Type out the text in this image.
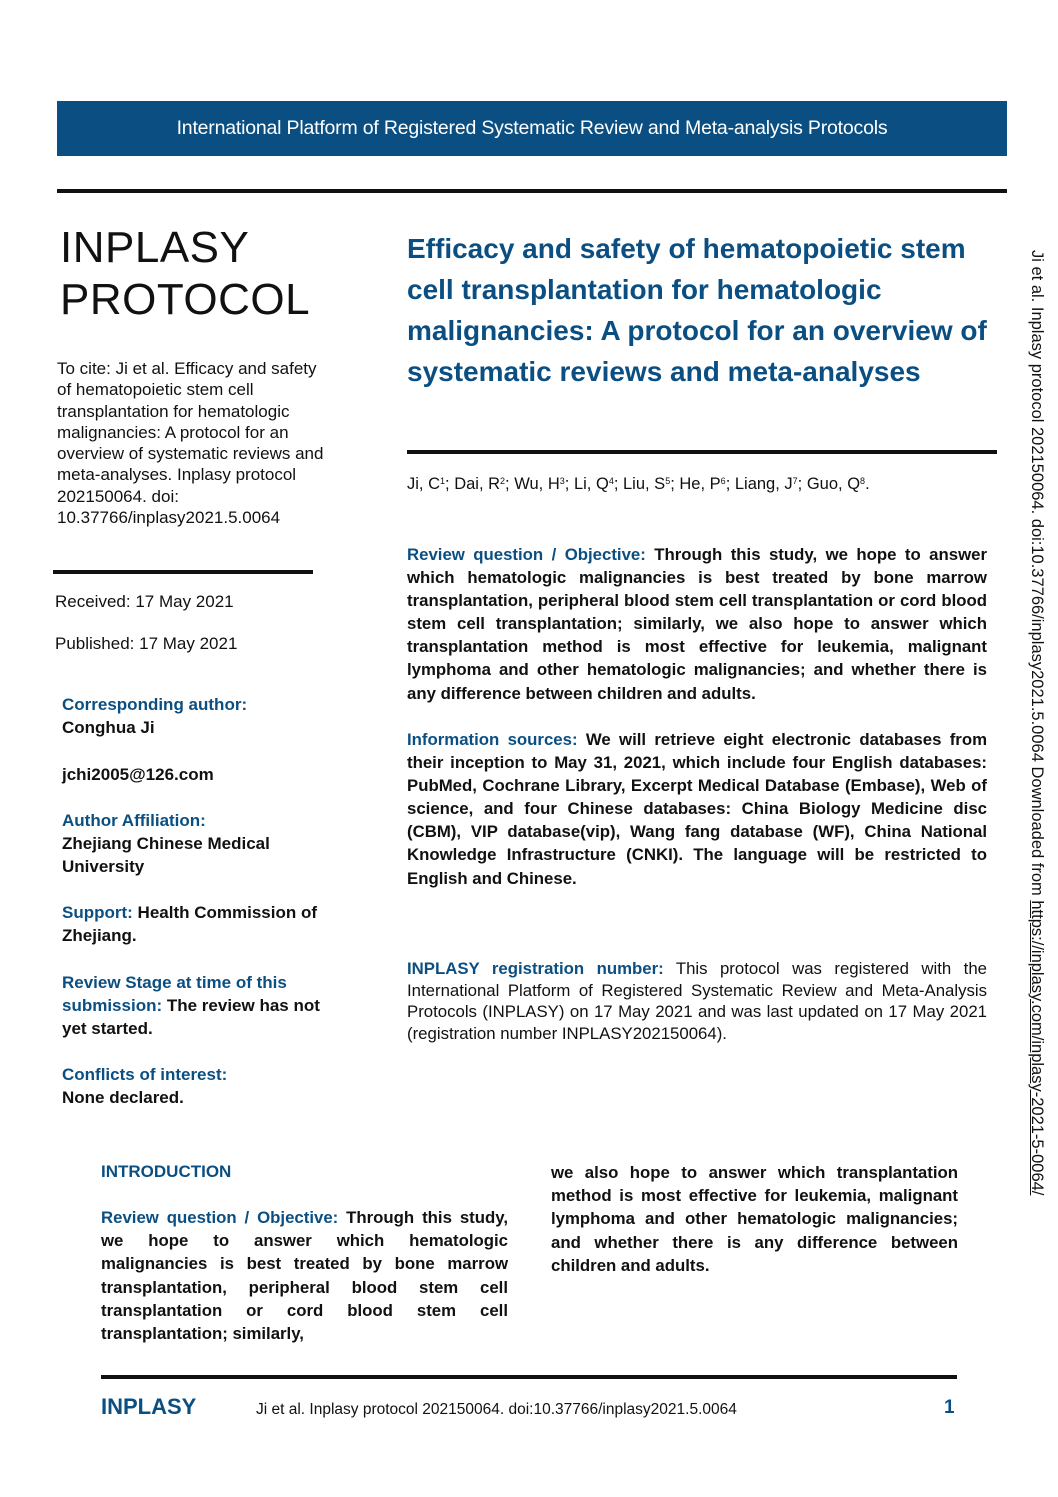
International Platform of Registered Systematic Review and Meta-analysis Protocols
INPLASY
PROTOCOL
To cite: Ji et al. Efficacy and safety of hematopoietic stem cell transplantation for hematologic malignancies: A protocol for an overview of systematic reviews and meta-analyses. Inplasy protocol 202150064. doi: 10.37766/inplasy2021.5.0064
Received: 17 May 2021
Published: 17 May 2021
Corresponding author:
Conghua Ji
jchi2005@126.com
Author Affiliation:
Zhejiang Chinese Medical University
Support: Health Commission of Zhejiang.
Review Stage at time of this submission: The review has not yet started.
Conflicts of interest:
None declared.
Efficacy and safety of hematopoietic stem cell transplantation for hematologic malignancies: A protocol for an overview of systematic reviews and meta-analyses
Ji, $C^1$; Dai, $R^2$; Wu, $H^3$; Li, $Q^4$; Liu, $S^5$; He, $P^6$; Liang, $J^7$; Guo, $Q^8$.
Review question / Objective: Through this study, we hope to answer which hematologic malignancies is best treated by bone marrow transplantation, peripheral blood stem cell transplantation or cord blood stem cell transplantation; similarly, we also hope to answer which transplantation method is most effective for leukemia, malignant lymphoma and other hematologic malignancies; and whether there is any difference between children and adults.
Information sources: We will retrieve eight electronic databases from their inception to May 31, 2021, which include four English databases: PubMed, Cochrane Library, Excerpt Medical Database (Embase), Web of science, and four Chinese databases: China Biology Medicine disc (CBM), VIP database(vip), Wang fang database (WF), China National Knowledge Infrastructure (CNKI). The language will be restricted to English and Chinese.
INPLASY registration number: This protocol was registered with the International Platform of Registered Systematic Review and Meta-Analysis Protocols (INPLASY) on 17 May 2021 and was last updated on 17 May 2021 (registration number INPLASY202150064).
INTRODUCTION
Review question / Objective: Through this study, we hope to answer which hematologic malignancies is best treated by bone marrow transplantation, peripheral blood stem cell transplantation or cord blood stem cell transplantation; similarly,
we also hope to answer which transplantation method is most effective for leukemia, malignant lymphoma and other hematologic malignancies; and whether there is any difference between children and adults.
INPLASY	Ji et al. Inplasy protocol 202150064. doi:10.37766/inplasy2021.5.0064	1
Ji et al. Inplasy protocol 202150064. doi:10.37766/inplasy2021.5.0064 Downloaded from https://inplasy.com/inplasy-2021-5-0064/
